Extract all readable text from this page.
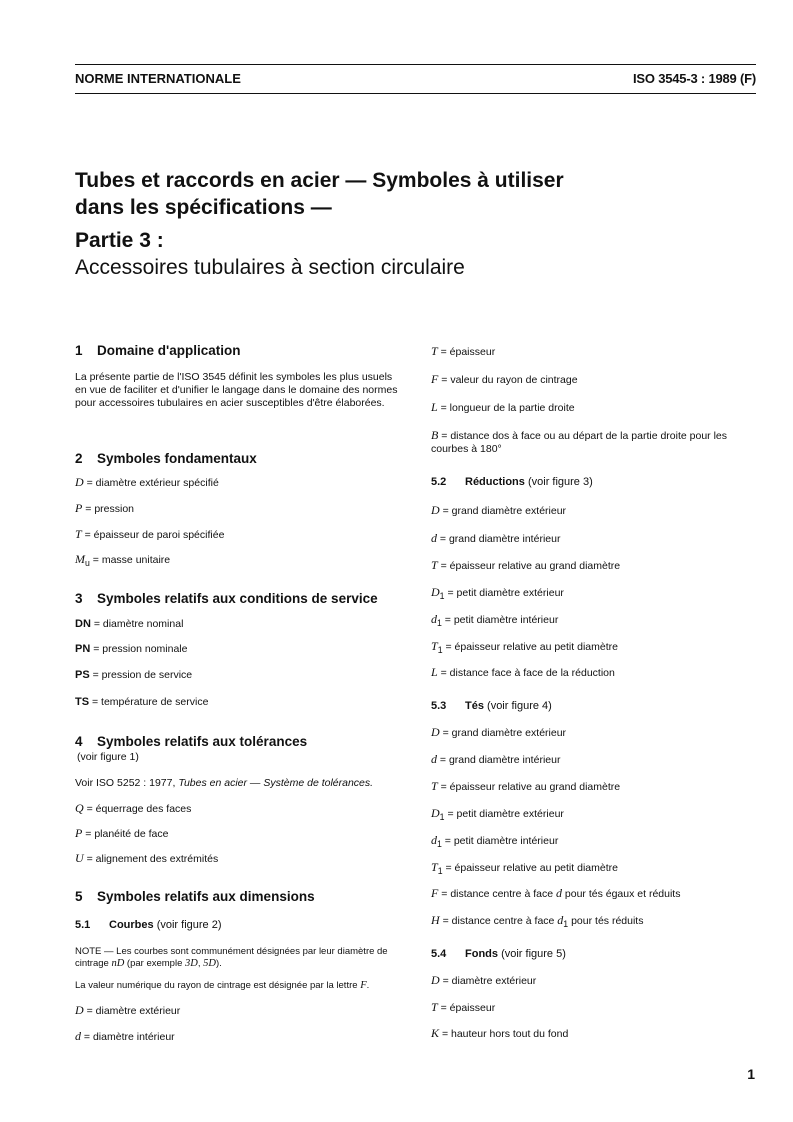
NORME INTERNATIONALE	ISO 3545-3 : 1989 (F)

Tubes et raccords en acier — Symboles à utiliser

dans les spécifications —

Partie 3 :

Accessoires tubulaires à section circulaire

1 Domaine d'application
La présente partie de l'ISO 3545 définit les symboles les plus usuels en vue de faciliter et d'unifier le langage dans le domaine des normes pour accessoires tubulaires en acier susceptibles d'être élaborées.
2 Symboles fondamentaux
D = diamètre extérieur spécifié
P = pression
T = épaisseur de paroi spécifiée
$M_u$ = masse unitaire
3 Symboles relatifs aux conditions de service
DN = diamètre nominal
PN = pression nominale
PS = pression de service
TS = température de service
4 Symboles relatifs aux tolérances
(voir figure 1)
Voir ISO 5252 : 1977, Tubes en acier — Système de tolérances.
Q = équerrage des faces
P = planéité de face
U = alignement des extrémités
5 Symboles relatifs aux dimensions
5.1 Courbes (voir figure 2)
NOTE — Les courbes sont communément désignées par leur diamètre de cintrage nD (par exemple 3D, 5D).
La valeur numérique du rayon de cintrage est désignée par la lettre F.
D = diamètre extérieur
d = diamètre intérieur
T = épaisseur
F = valeur du rayon de cintrage
L = longueur de la partie droite
B = distance dos à face ou au départ de la partie droite pour les courbes à 180°
5.2 Réductions (voir figure 3)
D = grand diamètre extérieur
d = grand diamètre intérieur
T = épaisseur relative au grand diamètre
$D_1$ = petit diamètre extérieur
$d_1$ = petit diamètre intérieur
$T_1$ = épaisseur relative au petit diamètre
L = distance face à face de la réduction
5.3 Tés (voir figure 4)
D = grand diamètre extérieur
d = grand diamètre intérieur
T = épaisseur relative au grand diamètre
$D_1$ = petit diamètre extérieur
$d_1$ = petit diamètre intérieur
$T_1$ = épaisseur relative au petit diamètre
F = distance centre à face d pour tés égaux et réduits
H = distance centre à face $d_1$ pour tés réduits
5.4 Fonds (voir figure 5)
D = diamètre extérieur
T = épaisseur
K = hauteur hors tout du fond
1
